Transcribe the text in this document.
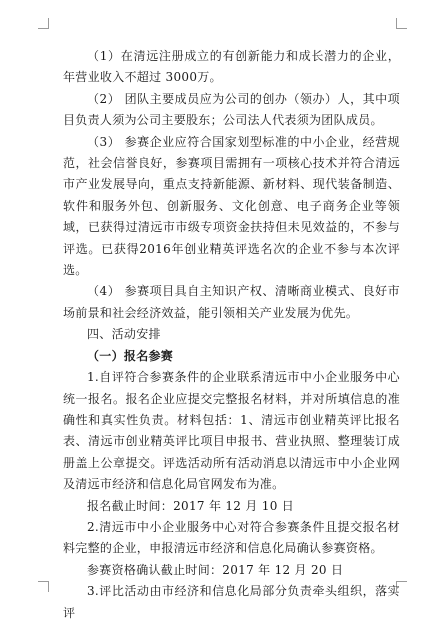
（1）在清远注册成立的有创新能力和成长潜力的企业，年营业收入不超过 3000万。

（2） 团队主要成员应为公司的创办（领办）人，其中项目负责人须为公司主要股东；公司法人代表须为团队成员。

（3） 参赛企业应符合国家划型标准的中小企业，经营规范，社会信誉良好，参赛项目需拥有一项核心技术并符合清远市产业发展导向，重点支持新能源、新材料、现代装备制造、软件和服务外包、创新服务、文化创意、电子商务企业等领域，已获得过清远市市级专项资金扶持但未见效益的，不参与评选。已获得2016年创业精英评选名次的企业不参与本次评选。

（4） 参赛项目具自主知识产权、清晰商业模式、良好市场前景和社会经济效益，能引领相关产业发展为优先。

四、活动安排

（一）报名参赛

1.自评符合参赛条件的企业联系清远市中小企业服务中心统一报名。报名企业应提交完整报名材料，并对所填信息的准确性和真实性负责。材料包括：1、清远市创业精英评比报名表、清远市创业精英评比项目申报书、营业执照、整理装订成册盖上公章提交。评选活动所有活动消息以清远市中小企业网及清远市经济和信息化局官网发布为准。

报名截止时间：2017 年 12 月 10 日

2.清远市中小企业服务中心对符合参赛条件且提交报名材料完整的企业，申报清远市经济和信息化局确认参赛资格。

参赛资格确认截止时间：2017 年 12 月 20 日

3.评比活动由市经济和信息化局部分负责牵头组织，落实评
